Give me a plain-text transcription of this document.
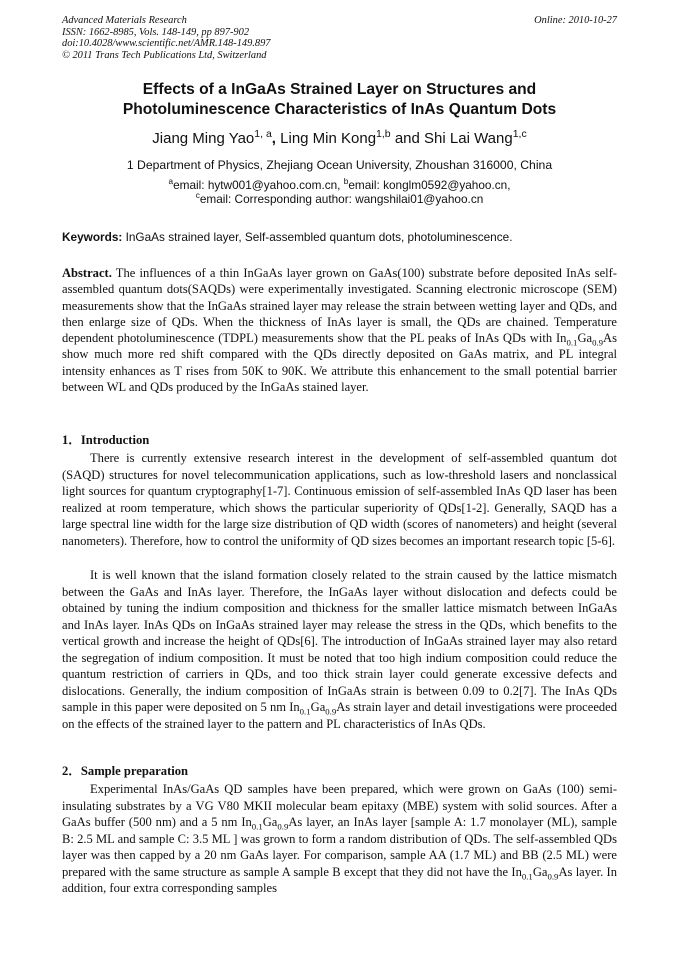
Advanced Materials Research
ISSN: 1662-8985, Vols. 148-149, pp 897-902
doi:10.4028/www.scientific.net/AMR.148-149.897
© 2011 Trans Tech Publications Ltd, Switzerland
Online: 2010-10-27
Effects of a InGaAs Strained Layer on Structures and
Photoluminescence Characteristics of InAs Quantum Dots
Jiang Ming Yao$^{1, a}$, Ling Min Kong$^{1,b}$ and Shi Lai Wang$^{1,c}$
1 Department of Physics, Zhejiang Ocean University, Zhoushan 316000, China
$^a$email: hytw001@yahoo.com.cn, $^b$email: konglm0592@yahoo.cn,
$^c$email: Corresponding author: wangshilai01@yahoo.cn
Keywords: InGaAs strained layer, Self-assembled quantum dots, photoluminescence.
Abstract. The influences of a thin InGaAs layer grown on GaAs(100) substrate before deposited InAs self-assembled quantum dots(SAQDs) were experimentally investigated. Scanning electronic microscope (SEM) measurements show that the InGaAs strained layer may release the strain between wetting layer and QDs, and then enlarge size of QDs. When the thickness of InAs layer is small, the QDs are chained. Temperature dependent photoluminescence (TDPL) measurements show that the PL peaks of InAs QDs with $In_{0.1}Ga_{0.9}As$ show much more red shift compared with the QDs directly deposited on GaAs matrix, and PL integral intensity enhances as T rises from 50K to 90K. We attribute this enhancement to the small potential barrier between WL and QDs produced by the InGaAs stained layer.
1．Introduction
There is currently extensive research interest in the development of self-assembled quantum dot (SAQD) structures for novel telecommunication applications, such as low-threshold lasers and nonclassical light sources for quantum cryptography[1-7]. Continuous emission of self-assembled InAs QD laser has been realized at room temperature, which shows the particular superiority of QDs[1-2]. Generally, SAQD has a large spectral line width for the large size distribution of QD width (scores of nanometers) and height (several nanometers). Therefore, how to control the uniformity of QD sizes becomes an important research topic [5-6].
It is well known that the island formation closely related to the strain caused by the lattice mismatch between the GaAs and InAs layer. Therefore, the InGaAs layer without dislocation and defects could be obtained by tuning the indium composition and thickness for the smaller lattice mismatch between InGaAs and InAs layer. InAs QDs on InGaAs strained layer may release the stress in the QDs, which benefits to the vertical growth and increase the height of QDs[6]. The introduction of InGaAs strained layer may also retard the segregation of indium composition. It must be noted that too high indium composition could reduce the quantum restriction of carriers in QDs, and too thick strain layer could generate excessive defects and dislocations. Generally, the indium composition of InGaAs strain is between 0.09 to 0.2[7]. The InAs QDs sample in this paper were deposited on 5 nm $In_{0.1}Ga_{0.9}As$ strain layer and detail investigations were proceeded on the effects of the strained layer to the pattern and PL characteristics of InAs QDs.
2．Sample preparation
Experimental InAs/GaAs QD samples have been prepared, which were grown on GaAs (100) semi-insulating substrates by a VG V80 MKII molecular beam epitaxy (MBE) system with solid sources. After a GaAs buffer (500 nm) and a 5 nm $In_{0.1}Ga_{0.9}As$ layer, an InAs layer [sample A: 1.7 monolayer (ML), sample B: 2.5 ML and sample C: 3.5 ML ] was grown to form a random distribution of QDs. The self-assembled QDs layer was then capped by a 20 nm GaAs layer. For comparison, sample AA (1.7 ML) and BB (2.5 ML) were prepared with the same structure as sample A sample B except that they did not have the $In_{0.1}Ga_{0.9}As$ layer. In addition, four extra corresponding samples
